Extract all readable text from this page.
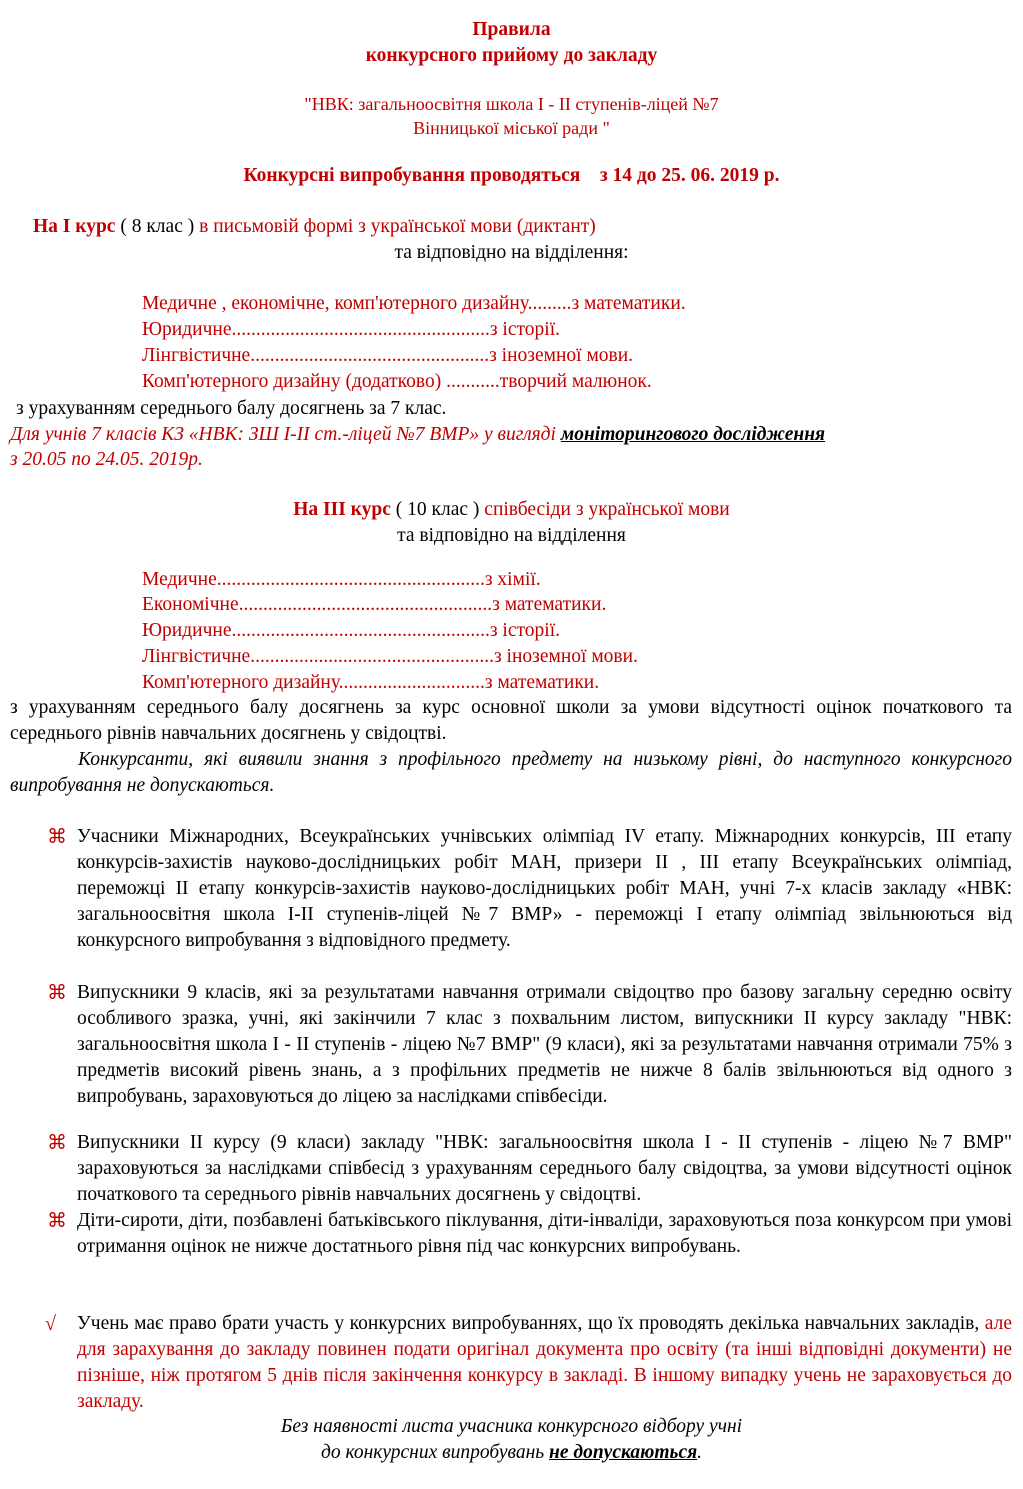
Правила
конкурсного прийому до закладу
"НВК: загальноосвітня школа І - ІІ ступенів-ліцей №7
Вінницької міської ради "
Конкурсні випробування проводяться    з 14 до 25. 06. 2019 р.
На І курс ( 8 клас ) в письмовій формі з української мови (диктант)
та відповідно на відділення:
Медичне , економічне, комп'ютерного дизайну.........з математики.
Юридичне.....................................................з історії.
Лінгвістичне.................................................з іноземної мови.
Комп'ютерного дизайну (додатково) ...........творчий малюнок.
з урахуванням середнього балу досягнень за 7 клас.
Для учнів 7 класів КЗ «НВК: ЗШ І-ІІ ст.-ліцей №7 ВМР» у вигляді моніторингового дослідження
з 20.05 по 24.05. 2019р.
На ІІІ курс ( 10 клас ) співбесіди з української мови
та відповідно на відділення
Медичне.......................................................з хімії.
Економічне....................................................з математики.
Юридичне.....................................................з історії.
Лінгвістичне..................................................з іноземної мови.
Комп'ютерного дизайну..............................з математики.
з урахуванням середнього балу досягнень за курс основної школи за умови відсутності оцінок початкового та середнього рівнів навчальних досягнень у свідоцтві.
Конкурсанти, які виявили знання з профільного предмету на низькому рівні, до наступного конкурсного випробування не допускаються.
⌘ Учасники Міжнародних, Всеукраїнських учнівських олімпіад IV етапу. Міжнародних конкурсів, ІІІ етапу конкурсів-захистів науково-дослідницьких робіт МАН, призери ІІ , ІІІ етапу Всеукраїнських олімпіад, переможці ІІ етапу конкурсів-захистів науково-дослідницьких робіт МАН, учні 7-х класів закладу «НВК: загальноосвітня школа І-ІІ ступенів-ліцей №7 ВМР» - переможці І етапу олімпіад звільнюються від конкурсного випробування з відповідного предмету.
⌘ Випускники 9 класів, які за результатами навчання отримали свідоцтво про базову загальну середню освіту особливого зразка, учні, які закінчили 7 клас з похвальним листом, випускники ІІ курсу закладу "НВК: загальноосвітня школа І - ІІ ступенів - ліцею №7 ВМР" (9 класи), які за результатами навчання отримали 75% з предметів високий рівень знань, а з профільних предметів не нижче 8 балів звільнюються від одного з випробувань, зараховуються до ліцею за наслідками співбесіди.
⌘ Випускники ІІ курсу (9 класи) закладу "НВК: загальноосвітня школа І - ІІ ступенів - ліцею №7 ВМР" зараховуються за наслідками співбесід з урахуванням середнього балу свідоцтва, за умови відсутності оцінок початкового та середнього рівнів навчальних досягнень у свідоцтві.
⌘ Діти-сироти, діти, позбавлені батьківського піклування, діти-інваліди, зараховуються поза конкурсом при умові отримання оцінок не нижче достатнього рівня під час конкурсних випробувань.
√ Учень має право брати участь у конкурсних випробуваннях, що їх проводять декілька навчальних закладів, але для зарахування до закладу повинен подати оригінал документа про освіту (та інші відповідні документи) не пізніше, ніж протягом 5 днів після закінчення конкурсу в закладі. В іншому випадку учень не зараховується до закладу.
Без наявності листа учасника конкурсного відбору учні
до конкурсних випробувань не допускаються.
